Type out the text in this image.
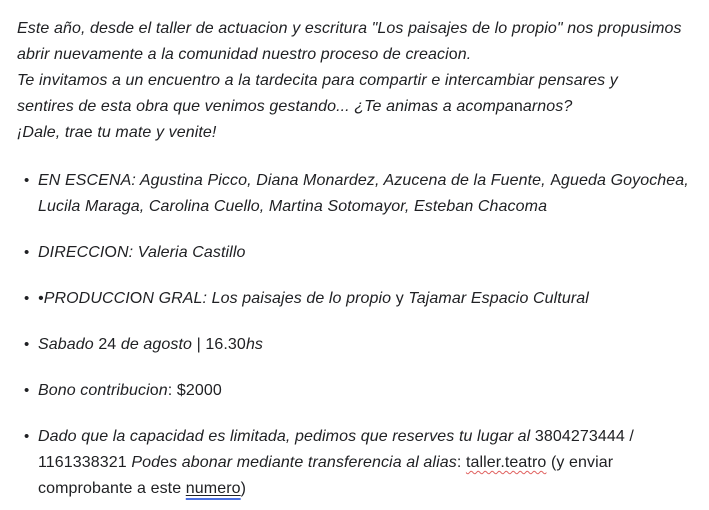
Este año, desde el taller de actuacion y escritura "Los paisajes de lo propio" nos propusimos
abrir nuevamente a la comunidad nuestro proceso de creacion.
Te invitamos a un encuentro a la tardecita para compartir e intercambiar pensares y
sentires de esta obra que venimos gestando... ¿Te animas a acompanarnos?
¡Dale, trae tu mate y venite!
• EN ESCENA: Agustina Picco, Diana Monardez, Azucena de la Fuente, Agueda Goyochea,
Lucila Maraga, Carolina Cuello, Martina Sotomayor, Esteban Chacoma
• DIRECCION: Valeria Castillo
• •PRODUCCION GRAL: Los paisajes de lo propio y Tajamar Espacio Cultural
• Sabado 24 de agosto | 16.30hs
• Bono contribucion: $2000
• Dado que la capacidad es limitada, pedimos que reserves tu lugar al 3804273444 /
1161338321 Podes abonar mediante transferencia al alias: taller.teatro (y enviar
comprobante a este numero)
